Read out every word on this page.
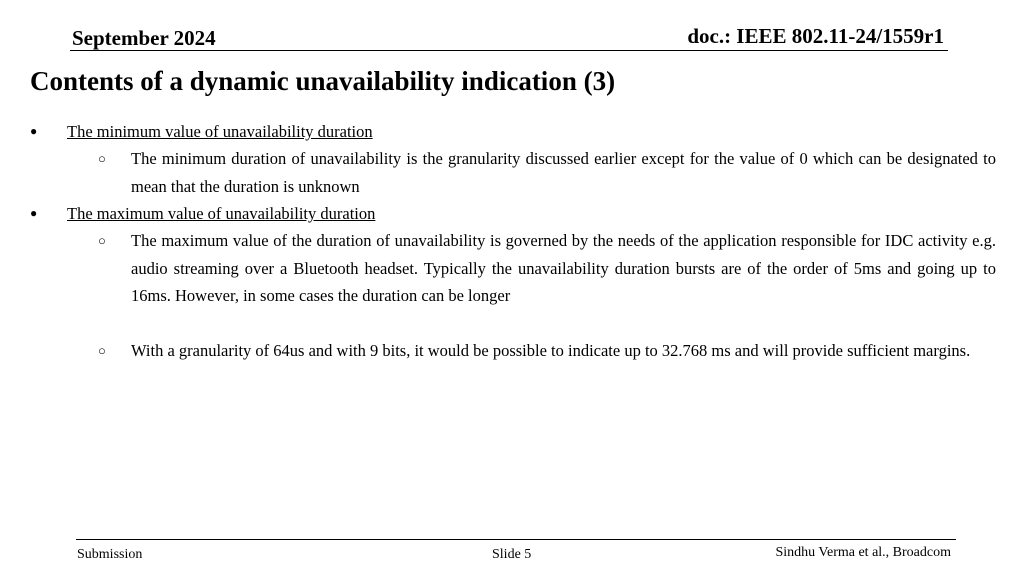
September 2024	doc.: IEEE 802.11-24/1559r1
Contents of a dynamic unavailability indication (3)
● The minimum value of unavailability duration
○ The minimum duration of unavailability is the granularity discussed earlier except for the value of 0 which can be designated to mean that the duration is unknown
● The maximum value of unavailability duration
○ The maximum value of the duration of unavailability is governed by the needs of the application responsible for IDC activity e.g. audio streaming over a Bluetooth headset. Typically the unavailability duration bursts are of the order of 5ms and going up to 16ms. However, in some cases the duration can be longer
○ With a granularity of 64us and with 9 bits, it would be possible to indicate up to 32.768 ms and will provide sufficient margins.
Submission	Slide 5	Sindhu Verma et al., Broadcom
